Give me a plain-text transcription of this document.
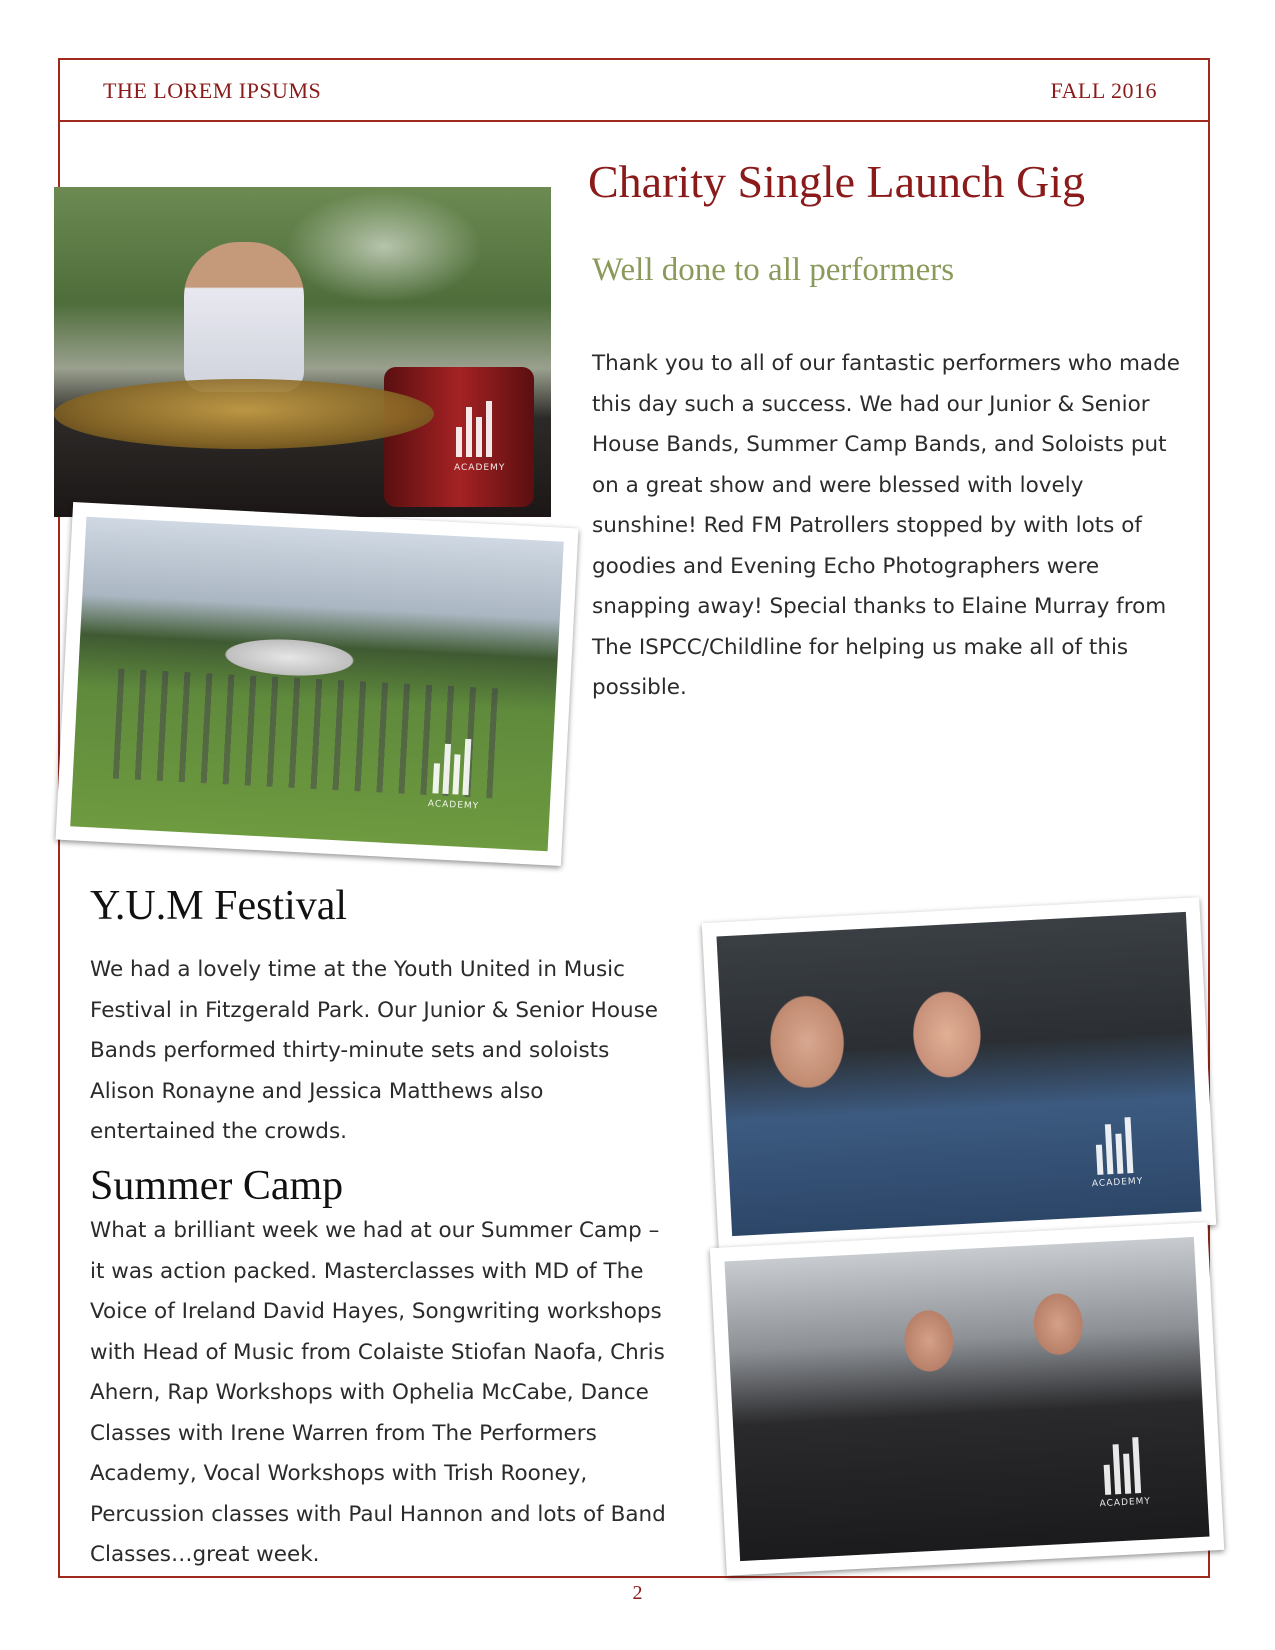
THE LOREM IPSUMS	FALL 2016
ACADEMY
ACADEMY
Charity Single Launch Gig
Well done to all performers

Thank you to all of our fantastic performers who made this day such a success. We had our Junior & Senior House Bands, Summer Camp Bands, and Soloists put on a great show and were blessed with lovely sunshine! Red FM Patrollers stopped by with lots of goodies and Evening Echo Photographers were snapping away! Special thanks to Elaine Murray from The ISPCC/Childline for helping us make all of this possible.

Y.U.M Festival

We had a lovely time at the Youth United in Music Festival in Fitzgerald Park. Our Junior & Senior House Bands performed thirty-minute sets and soloists Alison Ronayne and Jessica Matthews also entertained the crowds.

Summer Camp

What a brilliant week we had at our Summer Camp – it was action packed. Masterclasses with MD of The Voice of Ireland David Hayes, Songwriting workshops with Head of Music from Colaiste Stiofan Naofa, Chris Ahern, Rap Workshops with Ophelia McCabe, Dance Classes with Irene Warren from The Performers Academy, Vocal Workshops with Trish Rooney, Percussion classes with Paul Hannon and lots of Band Classes…great week.

ACADEMY
ACADEMY
2
